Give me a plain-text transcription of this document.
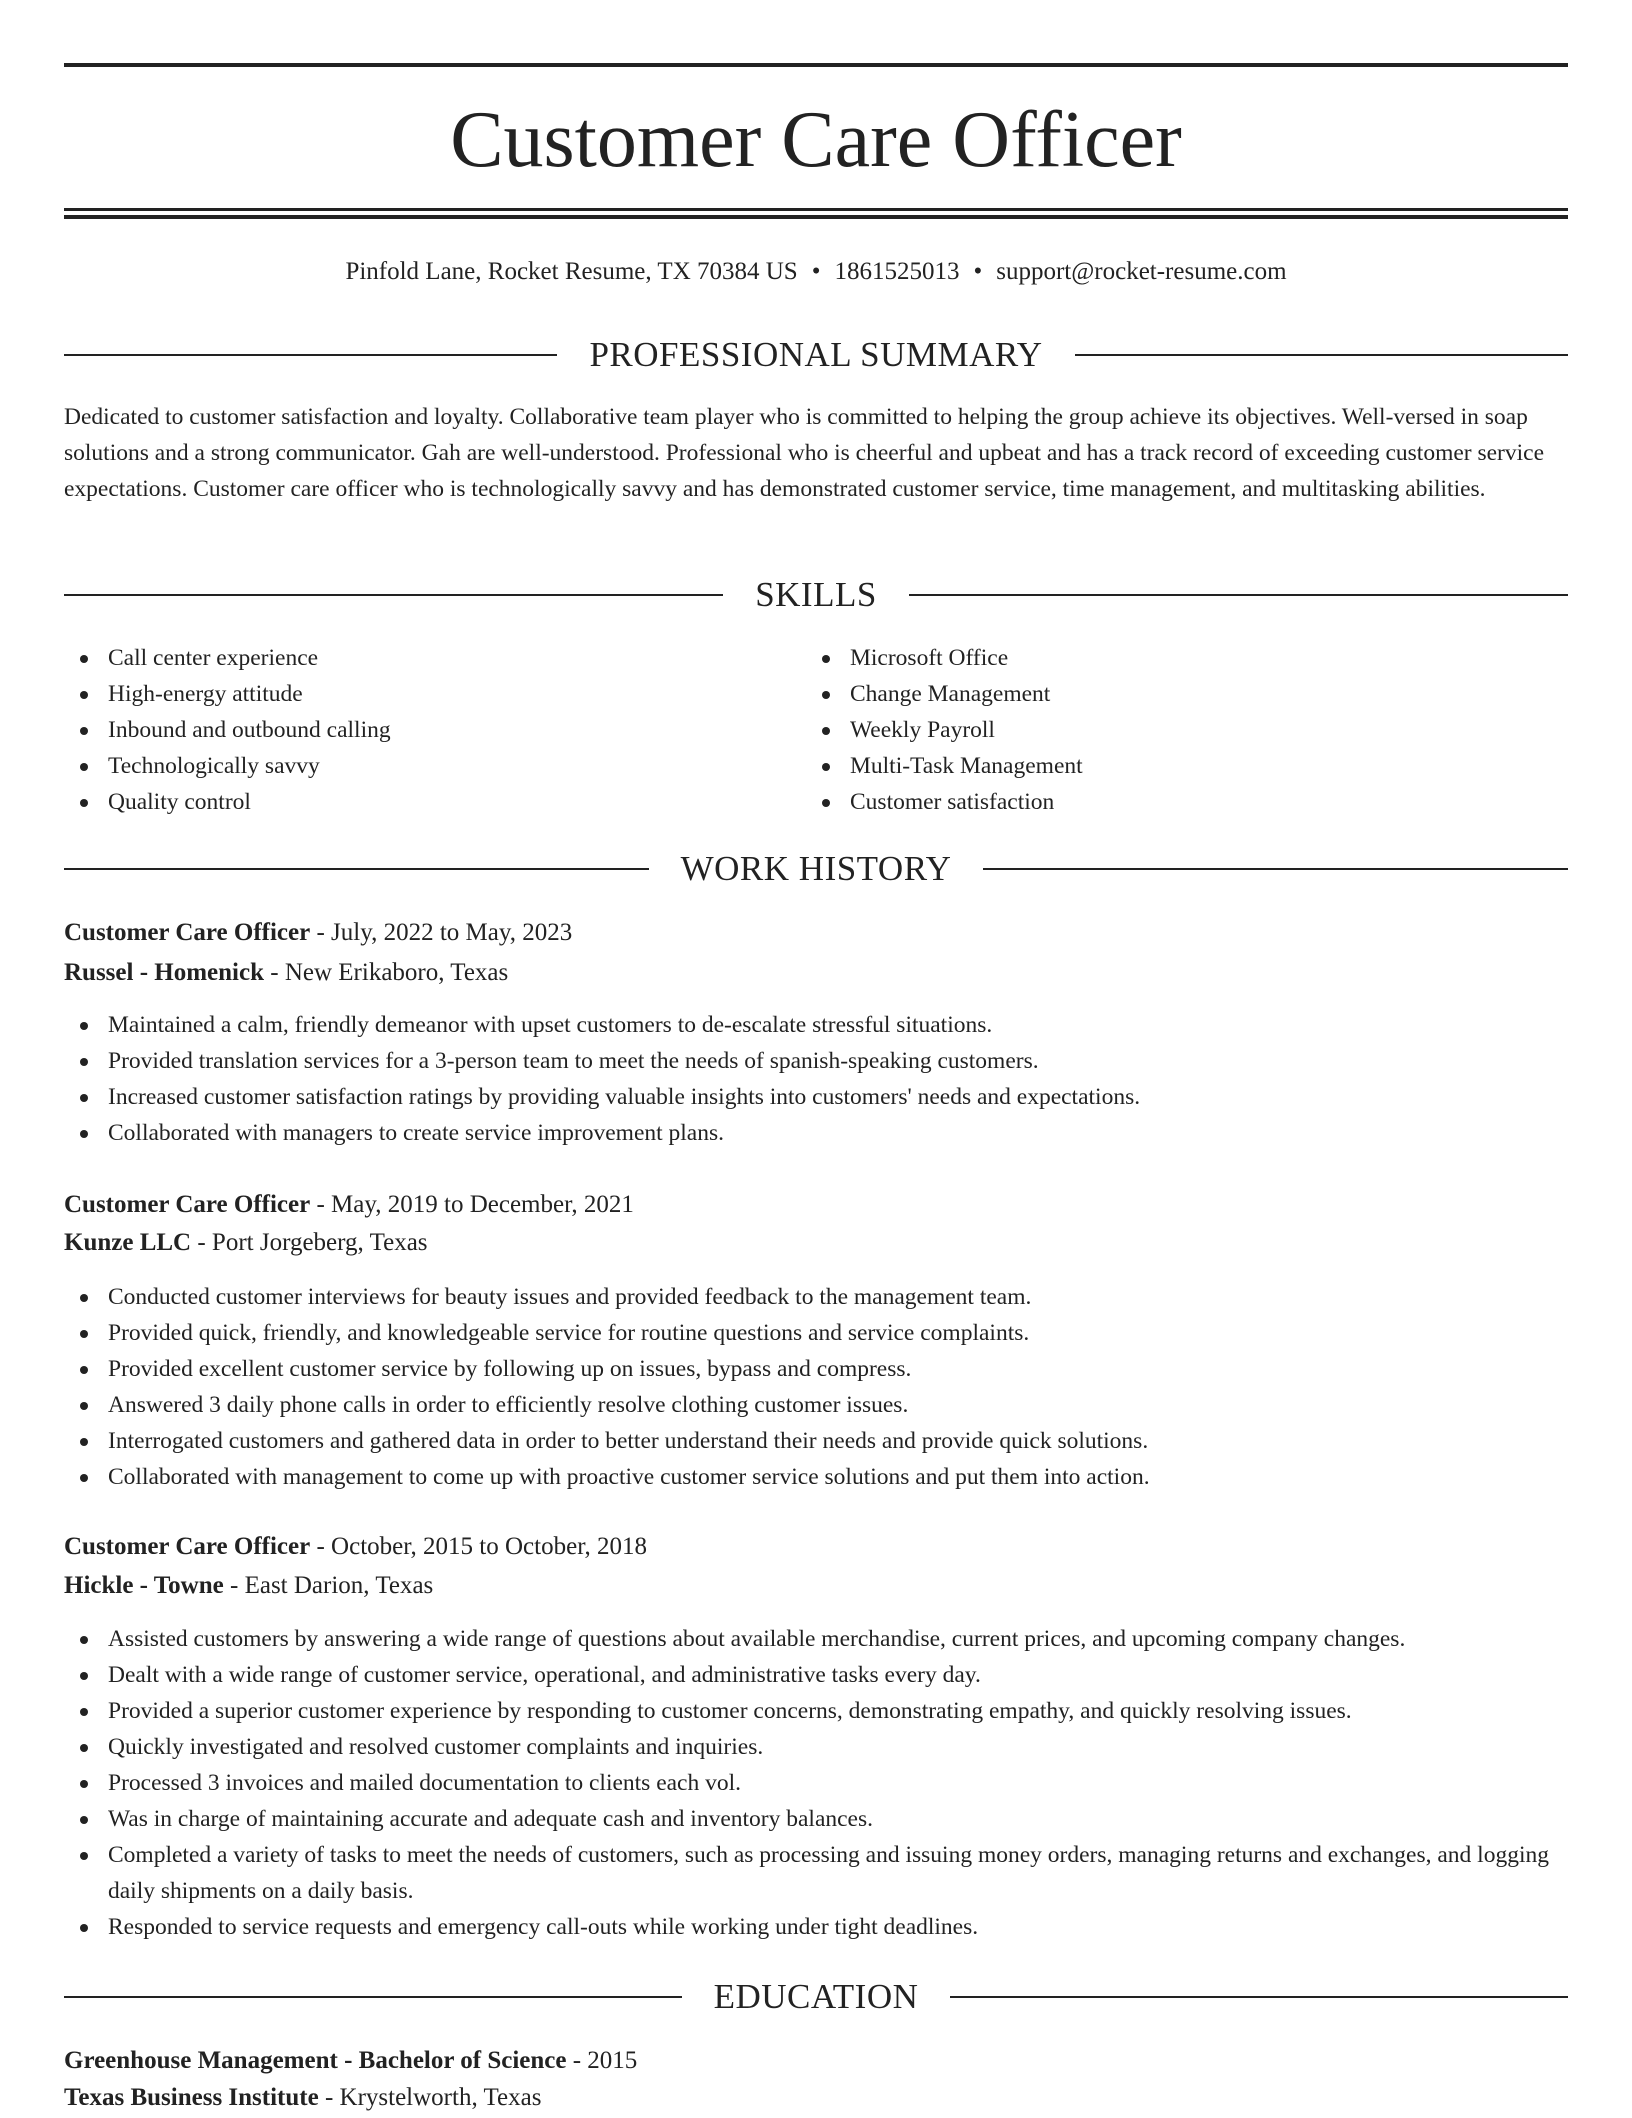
Customer Care Officer
Pinfold Lane, Rocket Resume, TX 70384 US • 1861525013 • support@rocket-resume.com
PROFESSIONAL SUMMARY

Dedicated to customer satisfaction and loyalty. Collaborative team player who is committed to helping the group achieve its objectives. Well-versed in soap solutions and a strong communicator. Gah are well-understood. Professional who is cheerful and upbeat and has a track record of exceeding customer service expectations. Customer care officer who is technologically savvy and has demonstrated customer service, time management, and multitasking abilities.

SKILLS
Call center experience
High-energy attitude
Inbound and outbound calling
Technologically savvy
Quality control
Microsoft Office
Change Management
Weekly Payroll
Multi-Task Management
Customer satisfaction
WORK HISTORY
Customer Care Officer - July, 2022 to May, 2023
Russel - Homenick - New Erikaboro, Texas
Maintained a calm, friendly demeanor with upset customers to de-escalate stressful situations.
Provided translation services for a 3-person team to meet the needs of spanish-speaking customers.
Increased customer satisfaction ratings by providing valuable insights into customers' needs and expectations.
Collaborated with managers to create service improvement plans.
Customer Care Officer - May, 2019 to December, 2021
Kunze LLC - Port Jorgeberg, Texas
Conducted customer interviews for beauty issues and provided feedback to the management team.
Provided quick, friendly, and knowledgeable service for routine questions and service complaints.
Provided excellent customer service by following up on issues, bypass and compress.
Answered 3 daily phone calls in order to efficiently resolve clothing customer issues.
Interrogated customers and gathered data in order to better understand their needs and provide quick solutions.
Collaborated with management to come up with proactive customer service solutions and put them into action.
Customer Care Officer - October, 2015 to October, 2018
Hickle - Towne - East Darion, Texas
Assisted customers by answering a wide range of questions about available merchandise, current prices, and upcoming company changes.
Dealt with a wide range of customer service, operational, and administrative tasks every day.
Provided a superior customer experience by responding to customer concerns, demonstrating empathy, and quickly resolving issues.
Quickly investigated and resolved customer complaints and inquiries.
Processed 3 invoices and mailed documentation to clients each vol.
Was in charge of maintaining accurate and adequate cash and inventory balances.
Completed a variety of tasks to meet the needs of customers, such as processing and issuing money orders, managing returns and exchanges, and logging daily shipments on a daily basis.
Responded to service requests and emergency call-outs while working under tight deadlines.
EDUCATION
Greenhouse Management - Bachelor of Science - 2015
Texas Business Institute - Krystelworth, Texas
